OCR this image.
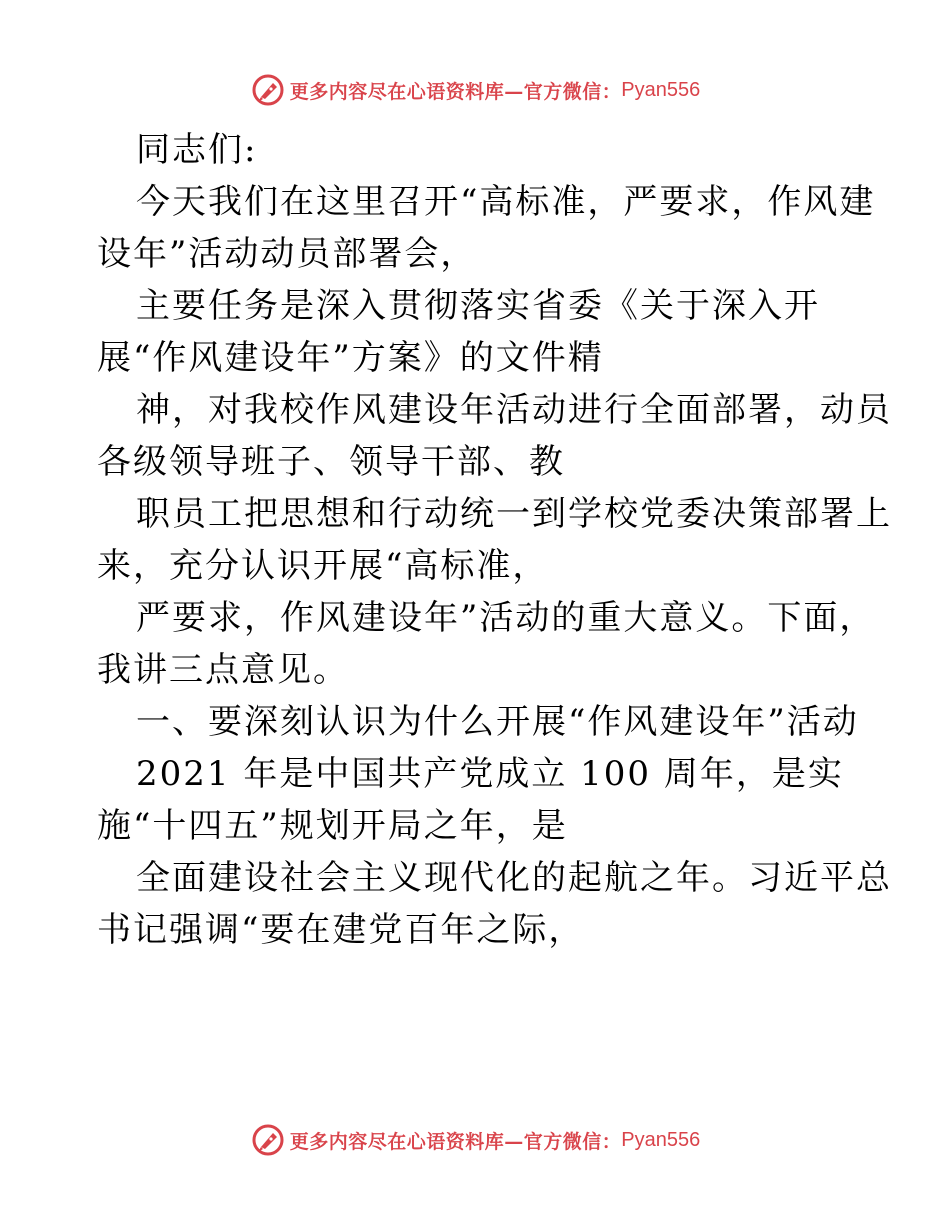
更多内容尽在心语资料库—官方微信： Pyan556
同志们:
今天我们在这里召开“高标准，严要求，作风建
设年”活动动员部署会，
主要任务是深入贯彻落实省委《关于深入开
展“作风建设年”方案》的文件精
神，对我校作风建设年活动进行全面部署，动员
各级领导班子、领导干部、教
职员工把思想和行动统一到学校党委决策部署上
来，充分认识开展“高标准，
严要求，作风建设年”活动的重大意义。下面，
我讲三点意见。
一、要深刻认识为什么开展“作风建设年”活动
2021 年是中国共产党成立 100 周年，是实
施“十四五”规划开局之年，是
全面建设社会主义现代化的起航之年。习近平总
书记强调“要在建党百年之际，
更多内容尽在心语资料库—官方微信： Pyan556
